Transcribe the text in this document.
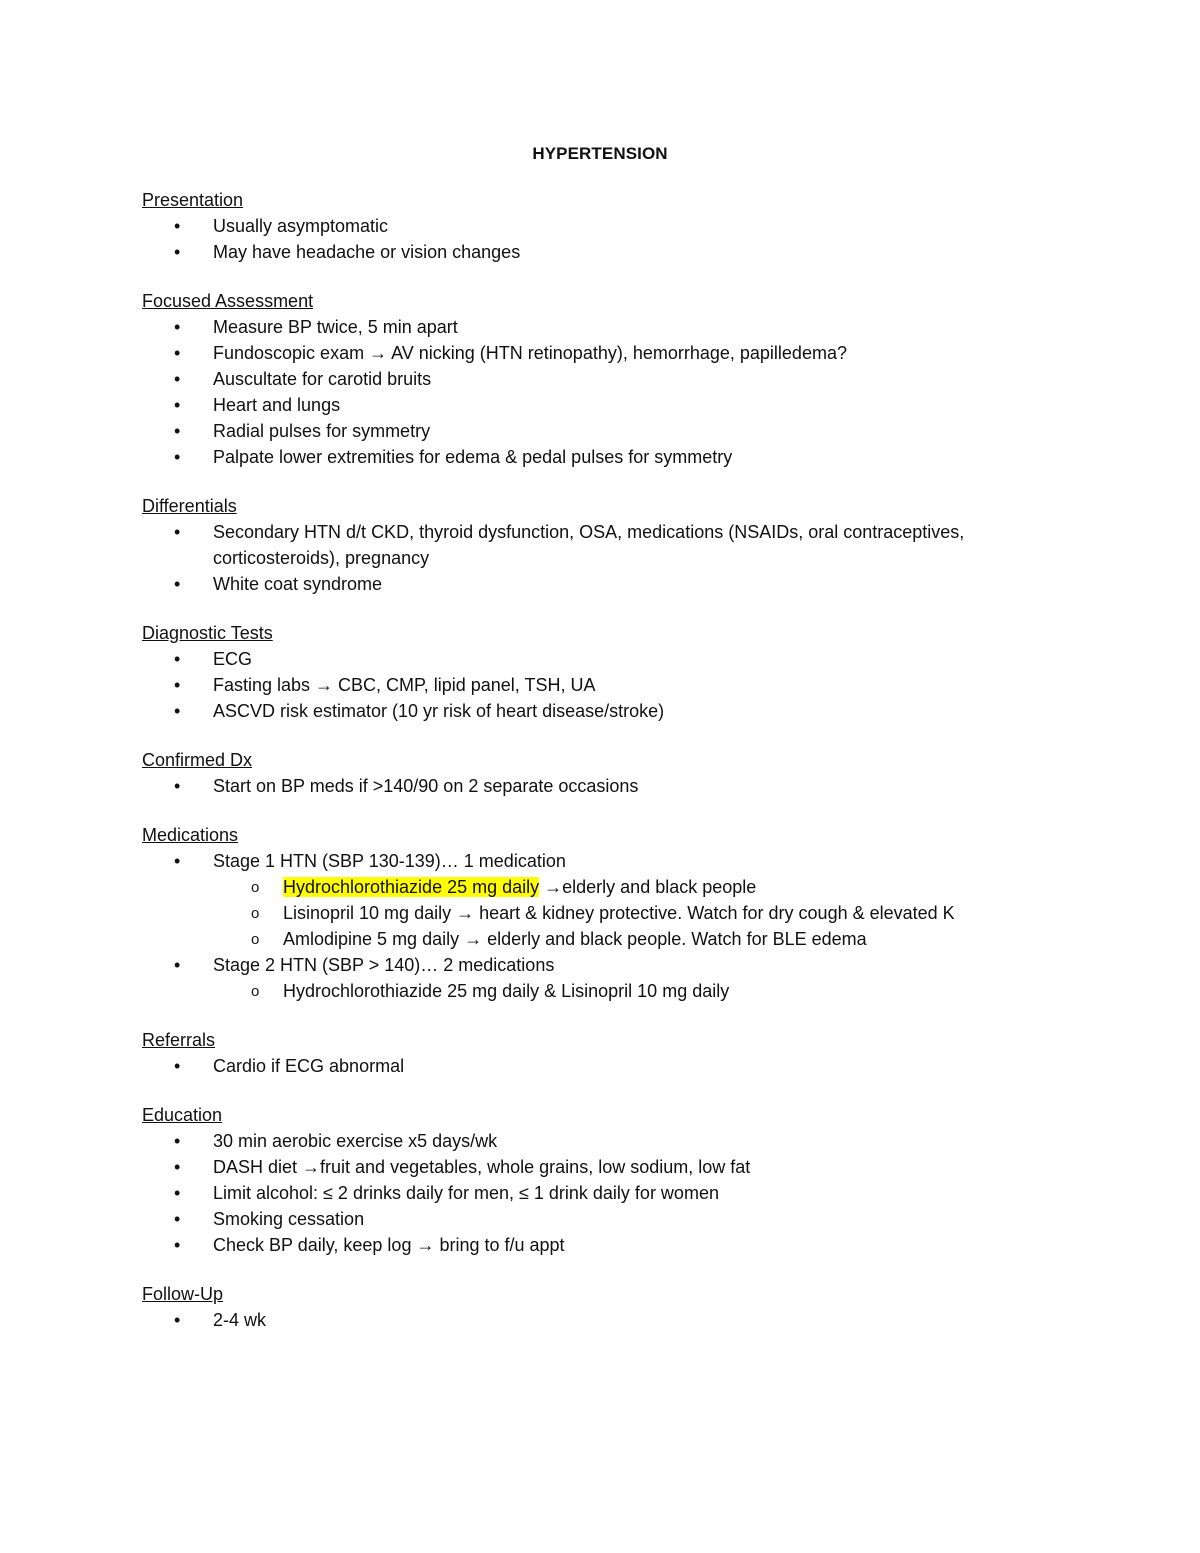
HYPERTENSION
Presentation
• Usually asymptomatic
• May have headache or vision changes
Focused Assessment
• Measure BP twice, 5 min apart
• Fundoscopic exam → AV nicking (HTN retinopathy), hemorrhage, papilledema?
• Auscultate for carotid bruits
• Heart and lungs
• Radial pulses for symmetry
• Palpate lower extremities for edema & pedal pulses for symmetry
Differentials
• Secondary HTN d/t CKD, thyroid dysfunction, OSA, medications (NSAIDs, oral contraceptives, corticosteroids), pregnancy
• White coat syndrome
Diagnostic Tests
• ECG
• Fasting labs → CBC, CMP, lipid panel, TSH, UA
• ASCVD risk estimator (10 yr risk of heart disease/stroke)
Confirmed Dx
• Start on BP meds if >140/90 on 2 separate occasions
Medications
• Stage 1 HTN (SBP 130-139)… 1 medication
o Hydrochlorothiazide 25 mg daily →elderly and black people
o Lisinopril 10 mg daily → heart & kidney protective. Watch for dry cough & elevated K
o Amlodipine 5 mg daily → elderly and black people. Watch for BLE edema
• Stage 2 HTN (SBP > 140)… 2 medications
o Hydrochlorothiazide 25 mg daily & Lisinopril 10 mg daily
Referrals
• Cardio if ECG abnormal
Education
• 30 min aerobic exercise x5 days/wk
• DASH diet →fruit and vegetables, whole grains, low sodium, low fat
• Limit alcohol: ≤ 2 drinks daily for men, ≤ 1 drink daily for women
• Smoking cessation
• Check BP daily, keep log → bring to f/u appt
Follow-Up
• 2-4 wk
